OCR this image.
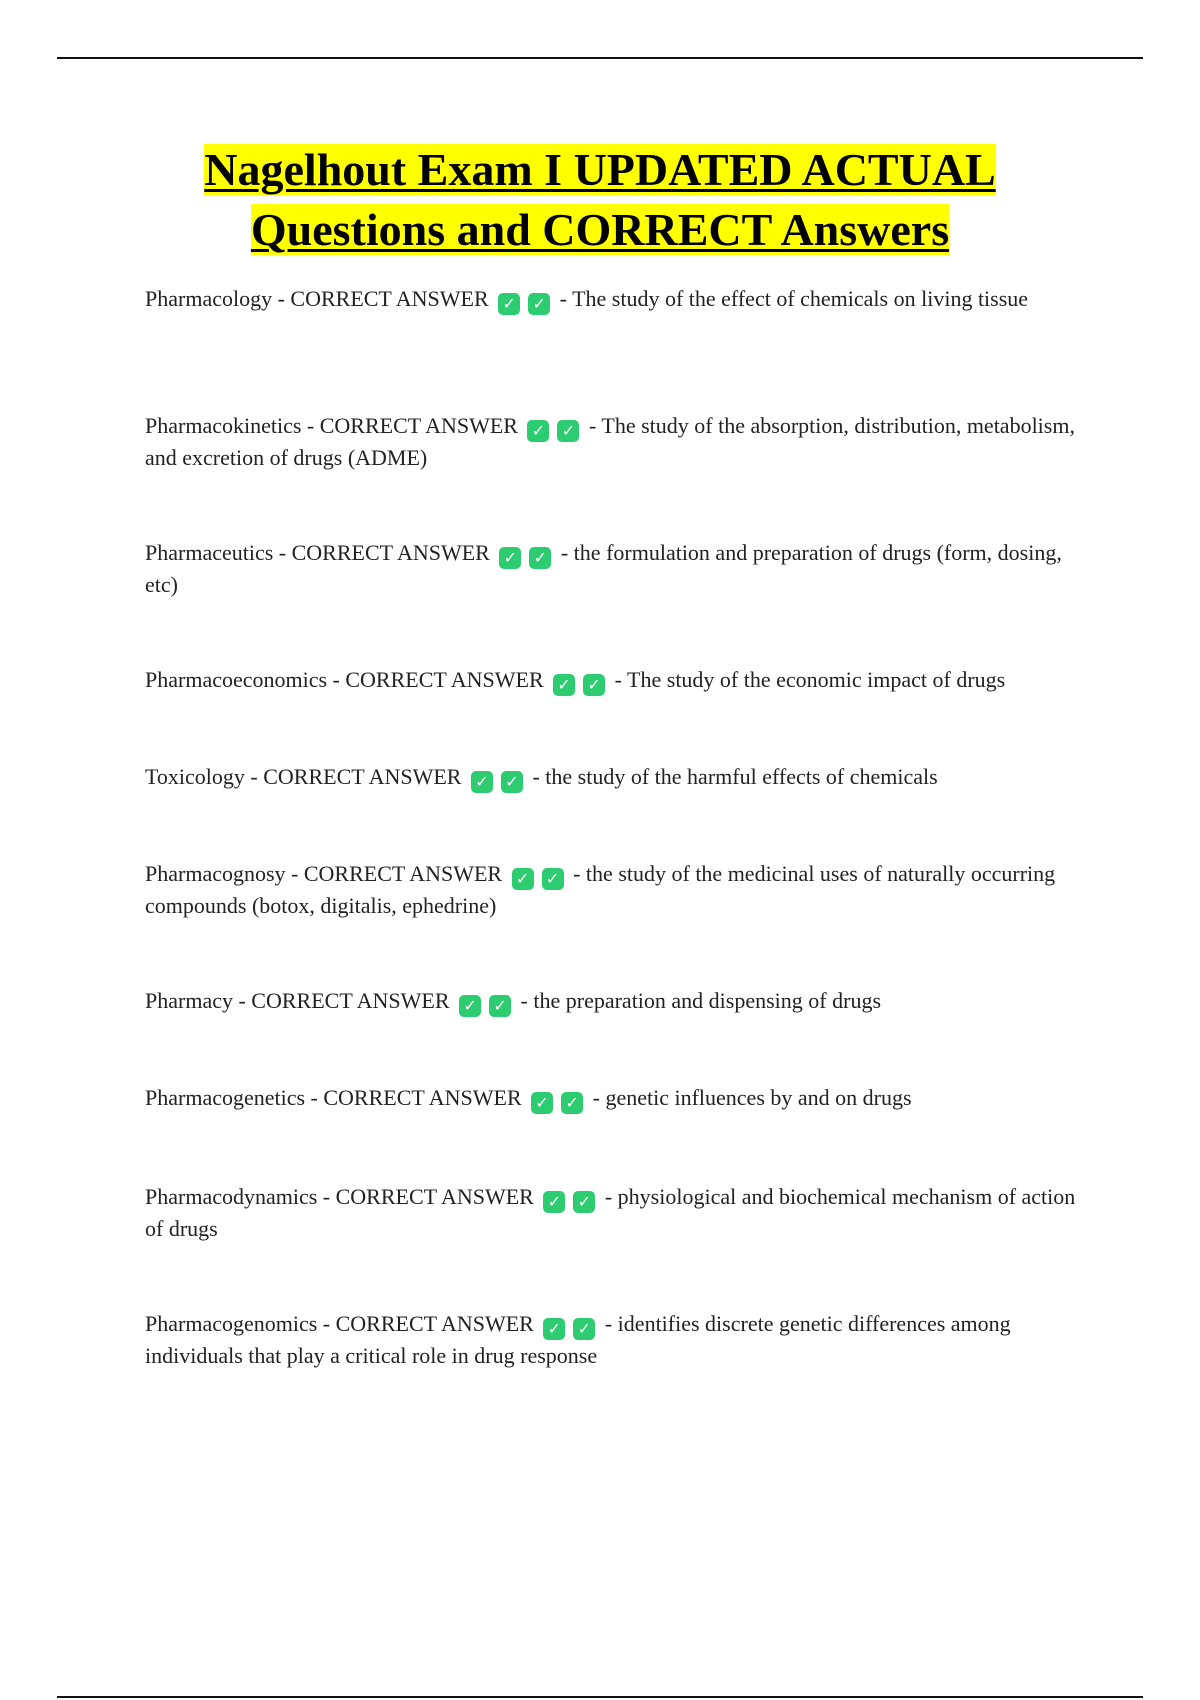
Nagelhout Exam I UPDATED ACTUAL
Questions and CORRECT Answers
Pharmacology - CORRECT ANSWER ✓ ✓ - The study of the effect of chemicals on living tissue
Pharmacokinetics - CORRECT ANSWER ✓ ✓ - The study of the absorption, distribution, metabolism, and excretion of drugs (ADME)
Pharmaceutics - CORRECT ANSWER ✓ ✓ - the formulation and preparation of drugs (form, dosing, etc)
Pharmacoeconomics - CORRECT ANSWER ✓ ✓ - The study of the economic impact of drugs
Toxicology - CORRECT ANSWER ✓ ✓ - the study of the harmful effects of chemicals
Pharmacognosy - CORRECT ANSWER ✓ ✓ - the study of the medicinal uses of naturally occurring compounds (botox, digitalis, ephedrine)
Pharmacy - CORRECT ANSWER ✓ ✓ - the preparation and dispensing of drugs
Pharmacogenetics - CORRECT ANSWER ✓ ✓ - genetic influences by and on drugs
Pharmacodynamics - CORRECT ANSWER ✓ ✓ - physiological and biochemical mechanism of action of drugs
Pharmacogenomics - CORRECT ANSWER ✓ ✓ - identifies discrete genetic differences among individuals that play a critical role in drug response
